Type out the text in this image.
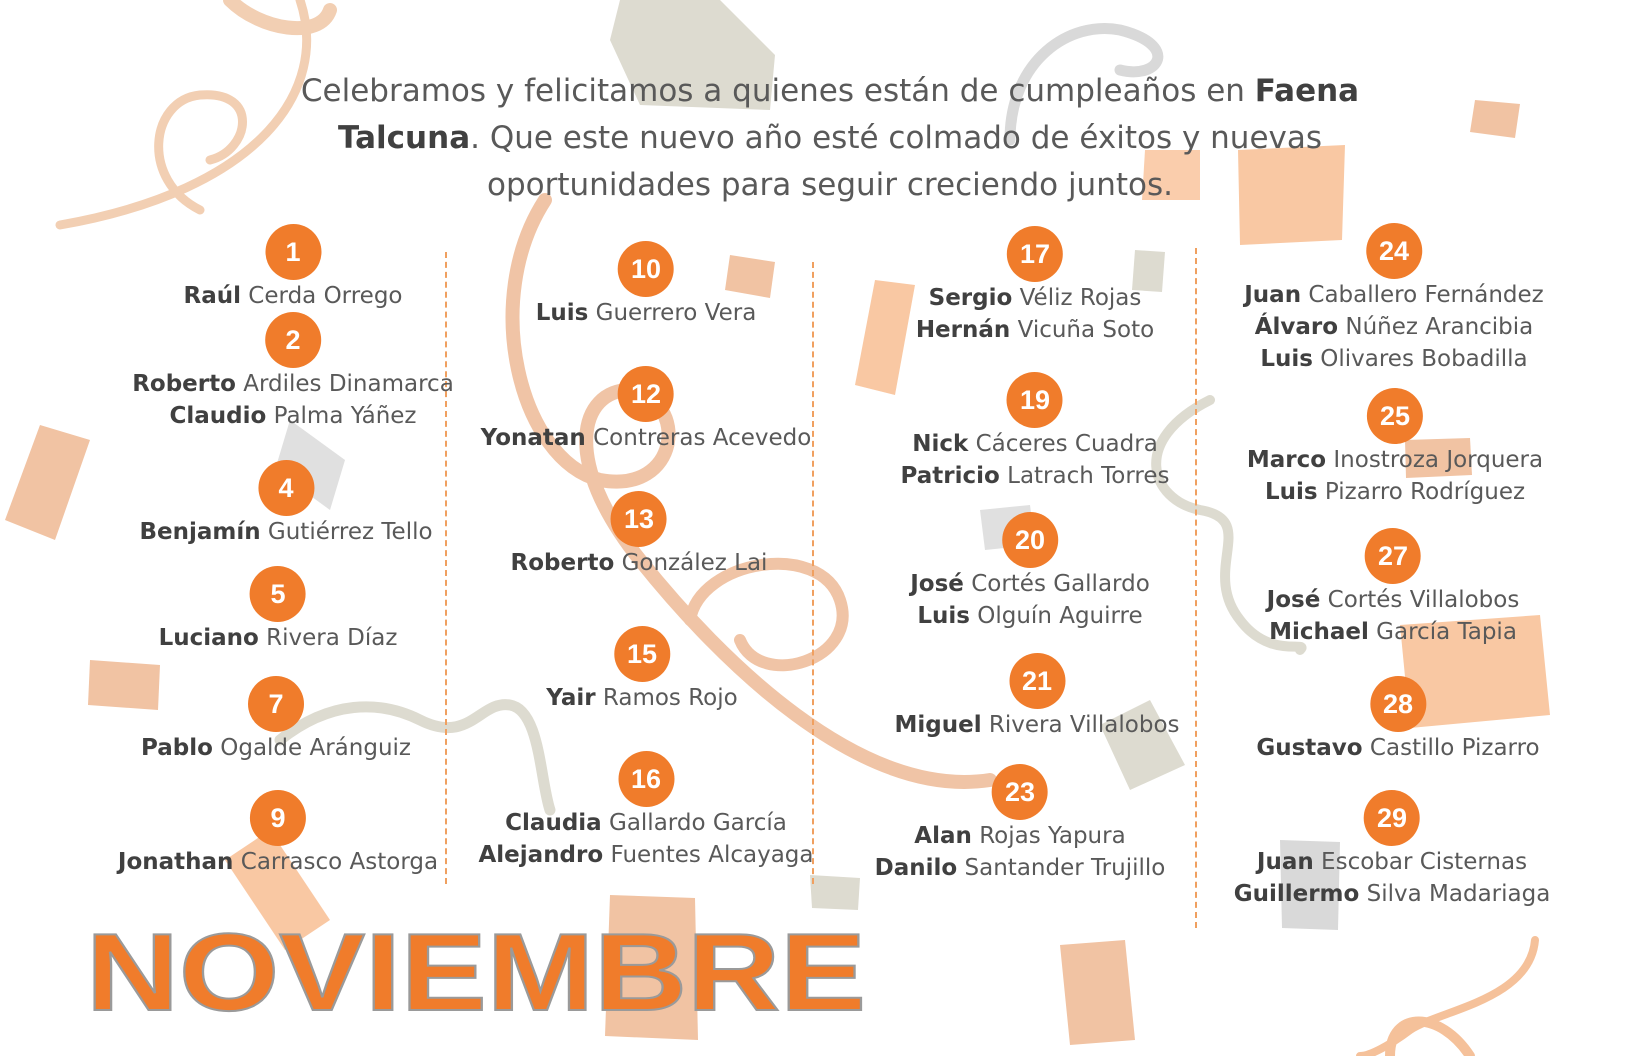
Celebramos y felicitamos a quienes están de cumpleaños en Faena Talcuna. Que este nuevo año esté colmado de éxitos y nuevas oportunidades para seguir creciendo juntos.
1
Raúl Cerda Orrego
2
Roberto Ardiles Dinamarca
Claudio Palma Yáñez
4
Benjamín Gutiérrez Tello
5
Luciano Rivera Díaz
7
Pablo Ogalde Aránguiz
9
Jonathan Carrasco Astorga
10
Luis Guerrero Vera
12
Yonatan Contreras Acevedo
13
Roberto González Lai
15
Yair Ramos Rojo
16
Claudia Gallardo García
Alejandro Fuentes Alcayaga
17
Sergio Véliz Rojas
Hernán Vicuña Soto
19
Nick Cáceres Cuadra
Patricio Latrach Torres
20
José Cortés Gallardo
Luis Olguín Aguirre
21
Miguel Rivera Villalobos
23
Alan Rojas Yapura
Danilo Santander Trujillo
24
Juan Caballero Fernández
Álvaro Núñez Arancibia
Luis Olivares Bobadilla
25
Marco Inostroza Jorquera
Luis Pizarro Rodríguez
27
José Cortés Villalobos
Michael García Tapia
28
Gustavo Castillo Pizarro
29
Juan Escobar Cisternas
Guillermo Silva Madariaga
NOVIEMBRE
